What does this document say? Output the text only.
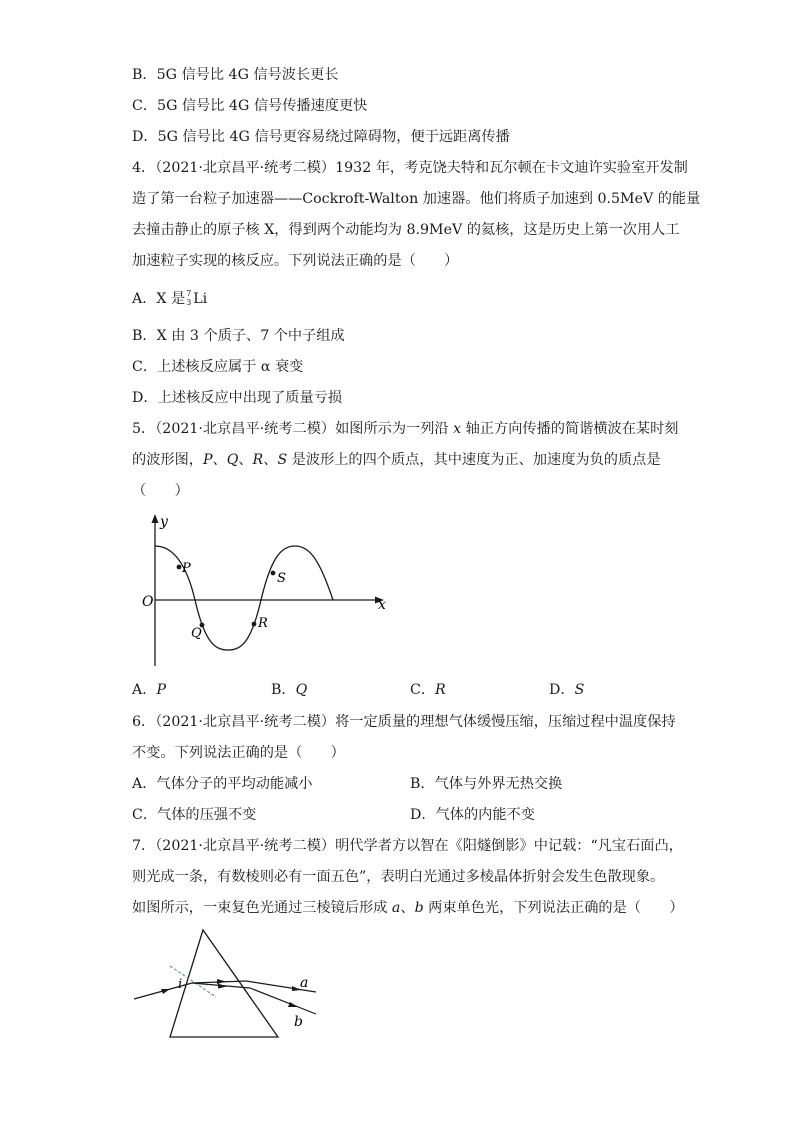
B．5G 信号比 4G 信号波长更长
C．5G 信号比 4G 信号传播速度更快
D．5G 信号比 4G 信号更容易绕过障碍物，便于远距离传播
4．（2021·北京昌平·统考二模）1932 年，考克饶夫特和瓦尔顿在卡文迪许实验室开发制
造了第一台粒子加速器——Cockroft-Walton 加速器。他们将质子加速到 0.5MeV 的能量
去撞击静止的原子核 X，得到两个动能均为 8.9MeV 的氦核，这是历史上第一次用人工
加速粒子实现的核反应。下列说法正确的是（　　）
A．X 是 7
3 Li
B．X 由 3 个质子、7 个中子组成
C．上述核反应属于 α 衰变
D．上述核反应中出现了质量亏损
5．（2021·北京昌平·统考二模）如图所示为一列沿 x 轴正方向传播的简谐横波在某时刻
的波形图，P、Q、R、S 是波形上的四个质点，其中速度为正、加速度为负的质点是
（　　）
y
x
O
P
Q
R
S
A．P	B．Q	C．R	D．S
6．（2021·北京昌平·统考二模）将一定质量的理想气体缓慢压缩，压缩过程中温度保持
不变。下列说法正确的是（　　）
A．气体分子的平均动能减小	B．气体与外界无热交换
C．气体的压强不变	D．气体的内能不变
7．（2021·北京昌平·统考二模）明代学者方以智在《阳燧倒影》中记载：“凡宝石面凸，
则光成一条，有数棱则必有一面五色”，表明白光通过多棱晶体折射会发生色散现象。
如图所示，一束复色光通过三棱镜后形成 a、b 两束单色光，下列说法正确的是（　　）
i	a
b
